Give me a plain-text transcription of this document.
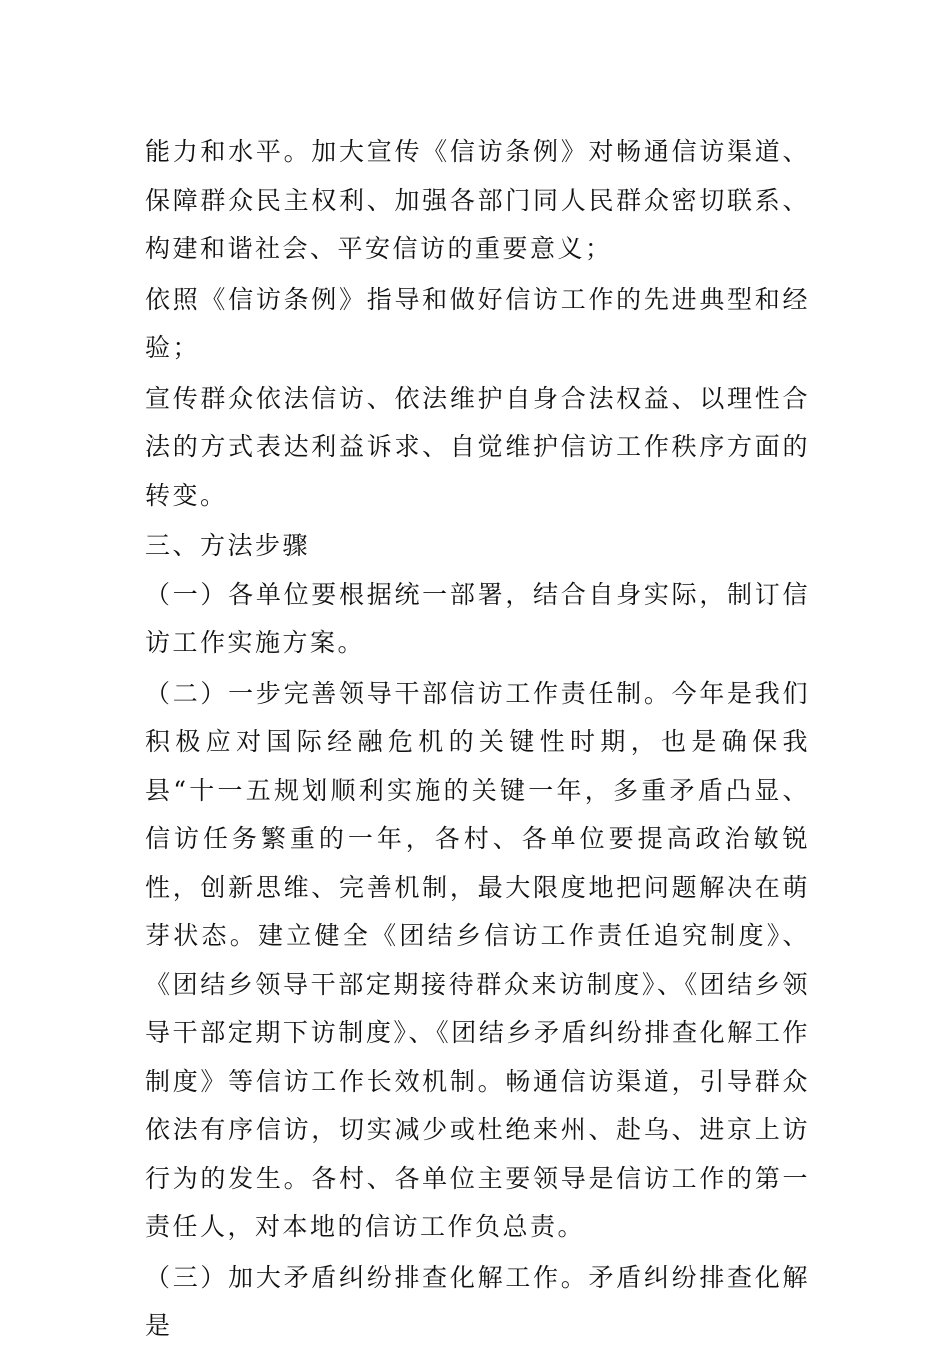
能力和水平。加大宣传《信访条例》对畅通信访渠道、保障群众民主权利、加强各部门同人民群众密切联系、构建和谐社会、平安信访的重要意义；

依照《信访条例》指导和做好信访工作的先进典型和经验；

宣传群众依法信访、依法维护自身合法权益、以理性合法的方式表达利益诉求、自觉维护信访工作秩序方面的转变。

三、方法步骤

（一）各单位要根据统一部署，结合自身实际，制订信访工作实施方案。

（二）一步完善领导干部信访工作责任制。今年是我们积极应对国际经融危机的关键性时期，也是确保我县“十一五规划顺利实施的关键一年，多重矛盾凸显、信访任务繁重的一年，各村、各单位要提高政治敏锐性，创新思维、完善机制，最大限度地把问题解决在萌芽状态。建立健全《团结乡信访工作责任追究制度》、《团结乡领导干部定期接待群众来访制度》、《团结乡领导干部定期下访制度》、《团结乡矛盾纠纷排查化解工作制度》等信访工作长效机制。畅通信访渠道，引导群众依法有序信访，切实减少或杜绝来州、赴乌、进京上访行为的发生。各村、各单位主要领导是信访工作的第一责任人，对本地的信访工作负总责。

（三）加大矛盾纠纷排查化解工作。矛盾纠纷排查化解是
